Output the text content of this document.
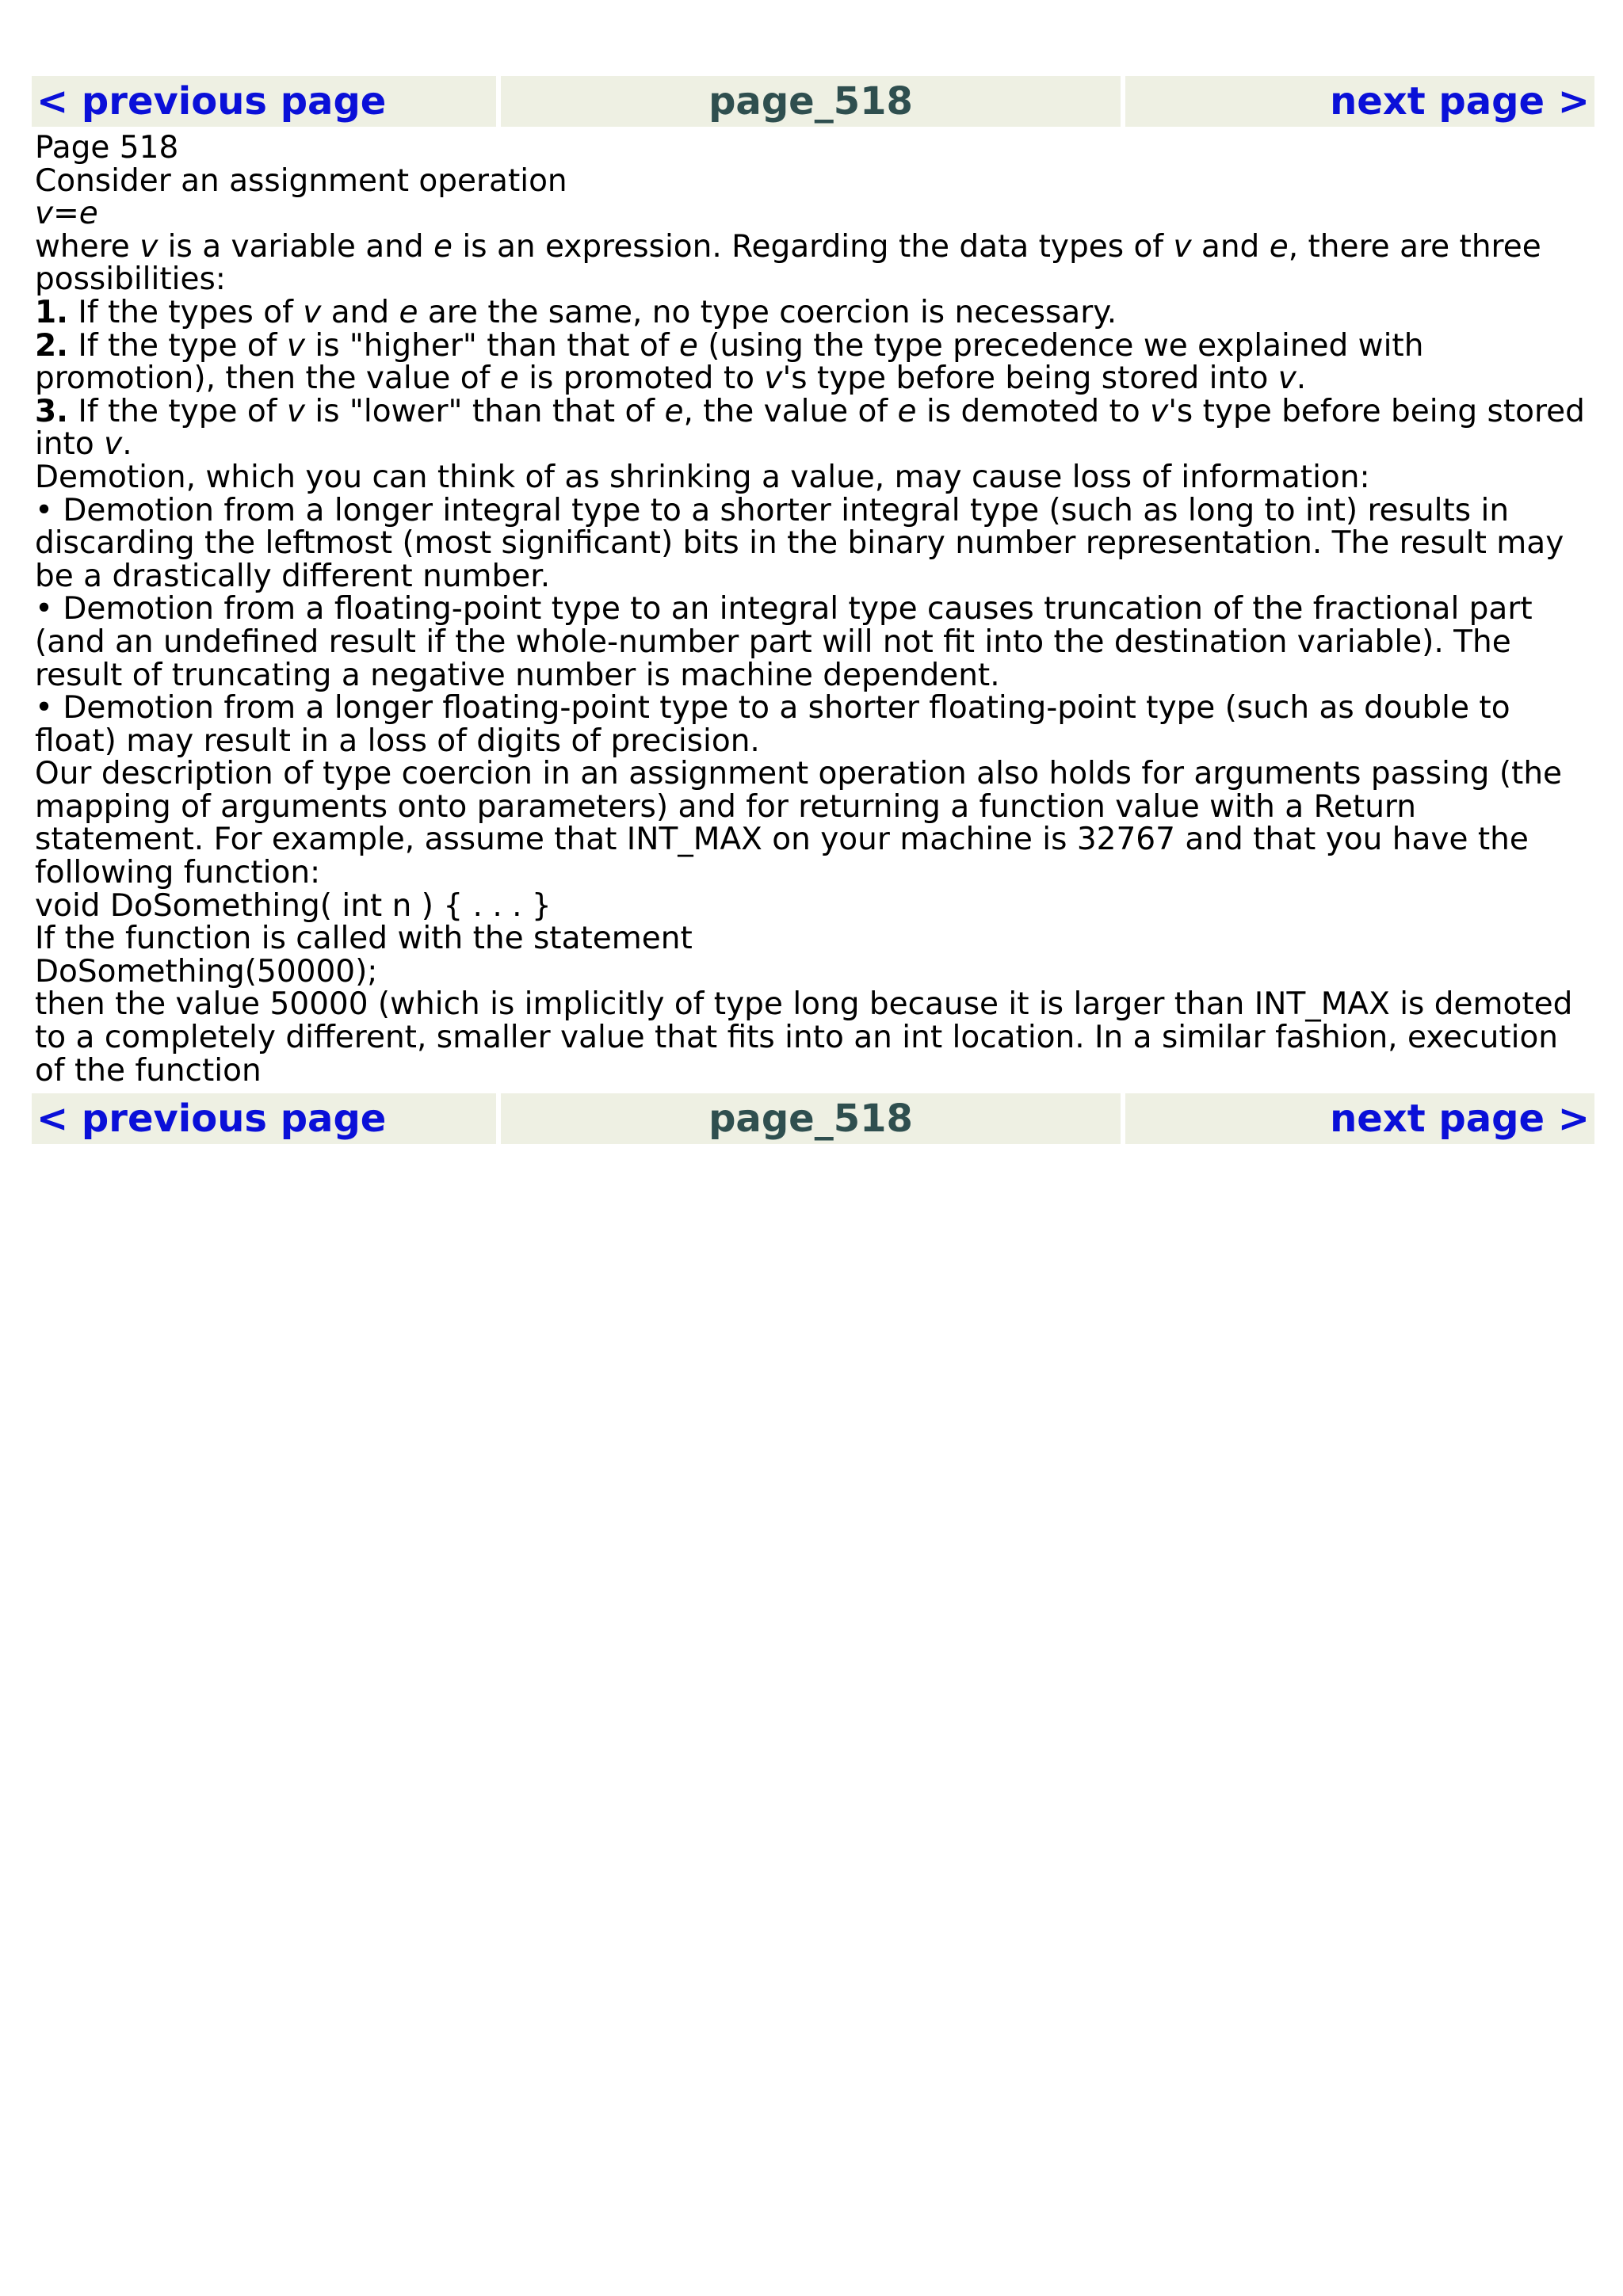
< previous page	page_518	next page >

Page 518

Consider an assignment operation

v=e

where v is a variable and e is an expression. Regarding the data types of v and e, there are three possibilities:

1. If the types of v and e are the same, no type coercion is necessary.

2. If the type of v is "higher" than that of e (using the type precedence we explained with promotion), then the value of e is promoted to v's type before being stored into v.

3. If the type of v is "lower" than that of e, the value of e is demoted to v's type before being stored into v.

Demotion, which you can think of as shrinking a value, may cause loss of information:

• Demotion from a longer integral type to a shorter integral type (such as long to int) results in discarding the leftmost (most significant) bits in the binary number representation. The result may be a drastically different number.

• Demotion from a floating-point type to an integral type causes truncation of the fractional part (and an undefined result if the whole-number part will not fit into the destination variable). The result of truncating a negative number is machine dependent.

• Demotion from a longer floating-point type to a shorter floating-point type (such as double to float) may result in a loss of digits of precision.

Our description of type coercion in an assignment operation also holds for arguments passing (the mapping of arguments onto parameters) and for returning a function value with a Return statement. For example, assume that INT_MAX on your machine is 32767 and that you have the following function:

void DoSomething( int n ) { . . . }

If the function is called with the statement

DoSomething(50000);

then the value 50000 (which is implicitly of type long because it is larger than INT_MAX is demoted to a completely different, smaller value that fits into an int location. In a similar fashion, execution of the function

< previous page	page_518	next page >
